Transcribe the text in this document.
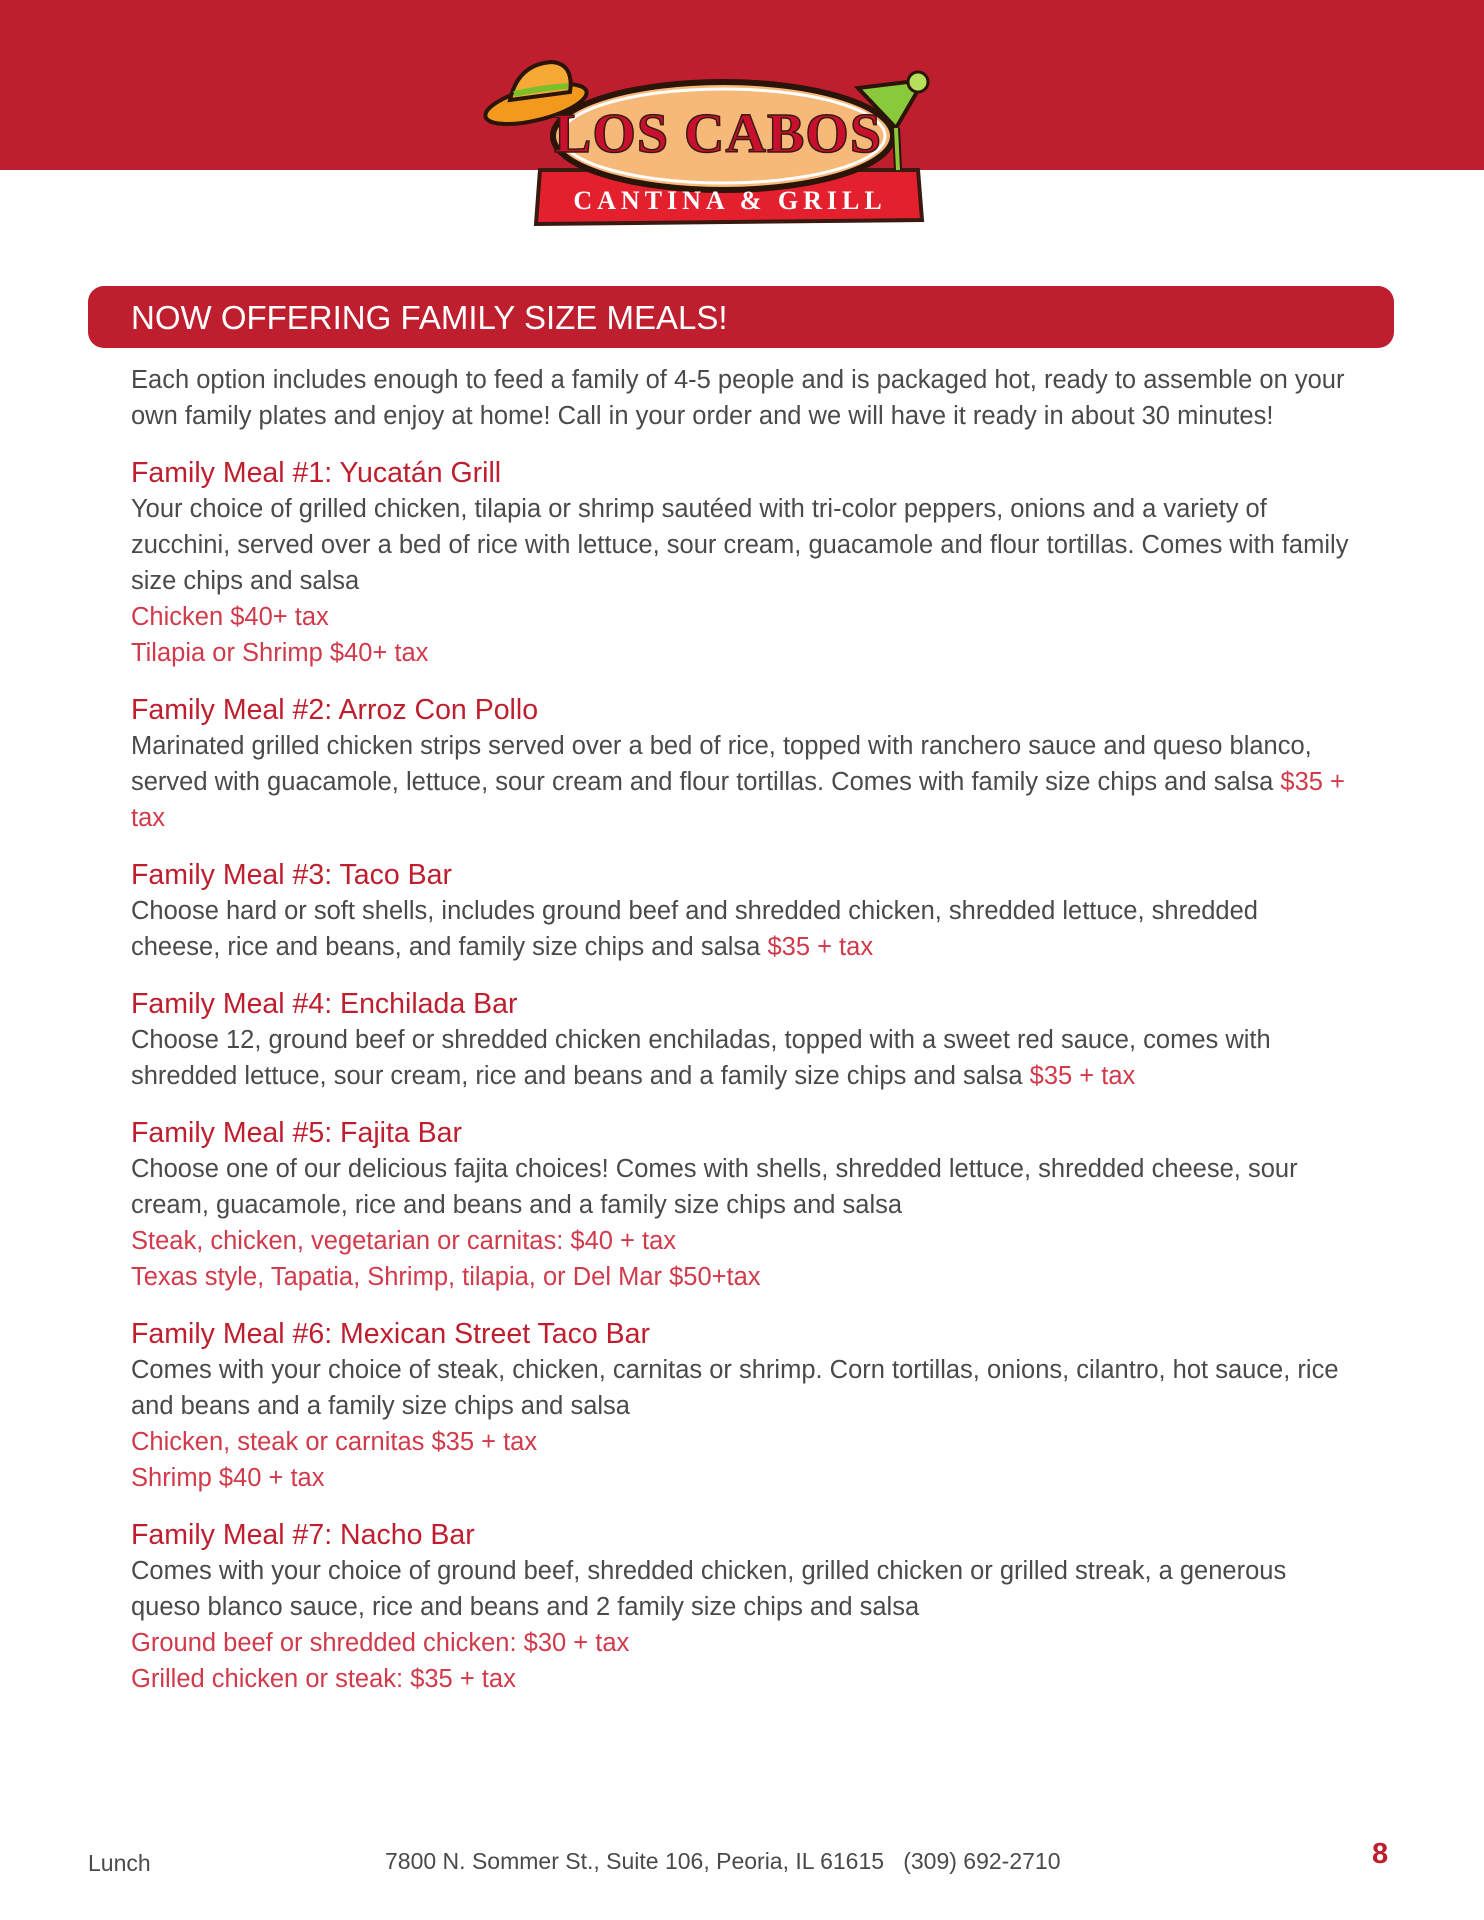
LOS CABOS
CANTINA & GRILL
NOW OFFERING FAMILY SIZE MEALS!

Each option includes enough to feed a family of 4-5 people and is packaged hot, ready to assemble on your own family plates and enjoy at home! Call in your order and we will have it ready in about 30 minutes!

Family Meal #1: Yucatán Grill

Your choice of grilled chicken, tilapia or shrimp sautéed with tri-color peppers, onions and a variety of zucchini, served over a bed of rice with lettuce, sour cream, guacamole and flour tortillas. Comes with family size chips and salsa

Chicken $40+ tax
Tilapia or Shrimp $40+ tax

Family Meal #2: Arroz Con Pollo

Marinated grilled chicken strips served over a bed of rice, topped with ranchero sauce and queso blanco, served with guacamole, lettuce, sour cream and flour tortillas. Comes with family size chips and salsa $35 + tax

Family Meal #3: Taco Bar

Choose hard or soft shells, includes ground beef and shredded chicken, shredded lettuce, shredded cheese, rice and beans, and family size chips and salsa $35 + tax

Family Meal #4: Enchilada Bar

Choose 12, ground beef or shredded chicken enchiladas, topped with a sweet red sauce, comes with shredded lettuce, sour cream, rice and beans and a family size chips and salsa $35 + tax

Family Meal #5: Fajita Bar

Choose one of our delicious fajita choices! Comes with shells, shredded lettuce, shredded cheese, sour cream, guacamole, rice and beans and a family size chips and salsa

Steak, chicken, vegetarian or carnitas: $40 + tax
Texas style, Tapatia, Shrimp, tilapia, or Del Mar $50+tax

Family Meal #6: Mexican Street Taco Bar

Comes with your choice of steak, chicken, carnitas or shrimp. Corn tortillas, onions, cilantro, hot sauce, rice and beans and a family size chips and salsa

Chicken, steak or carnitas $35 + tax
Shrimp $40 + tax

Family Meal #7: Nacho Bar

Comes with your choice of ground beef, shredded chicken, grilled chicken or grilled streak, a generous queso blanco sauce, rice and beans and 2 family size chips and salsa

Ground beef or shredded chicken: $30 + tax
Grilled chicken or steak: $35 + tax
Lunch	7800 N. Sommer St., Suite 106, Peoria, IL 61615   (309) 692-2710	8
